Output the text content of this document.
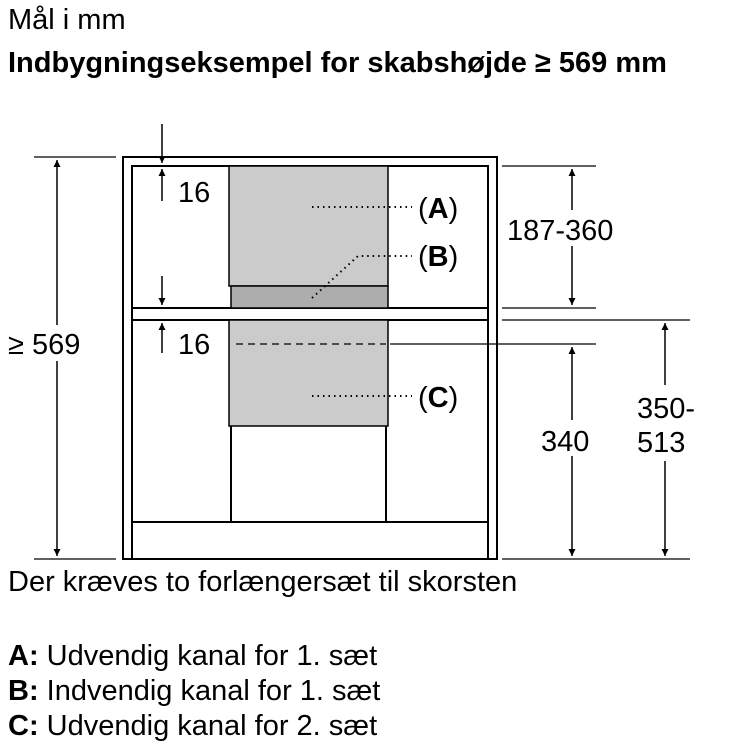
Mål i mm
Indbygningseksempel for skabshøjde ≥ 569 mm
≥ 569
16
16
187-360
340
350-
513
(A)
(B)
(C)
Der kræves to forlængersæt til skorsten
A: Udvendig kanal for 1. sæt
B: Indvendig kanal for 1. sæt
C: Udvendig kanal for 2. sæt
